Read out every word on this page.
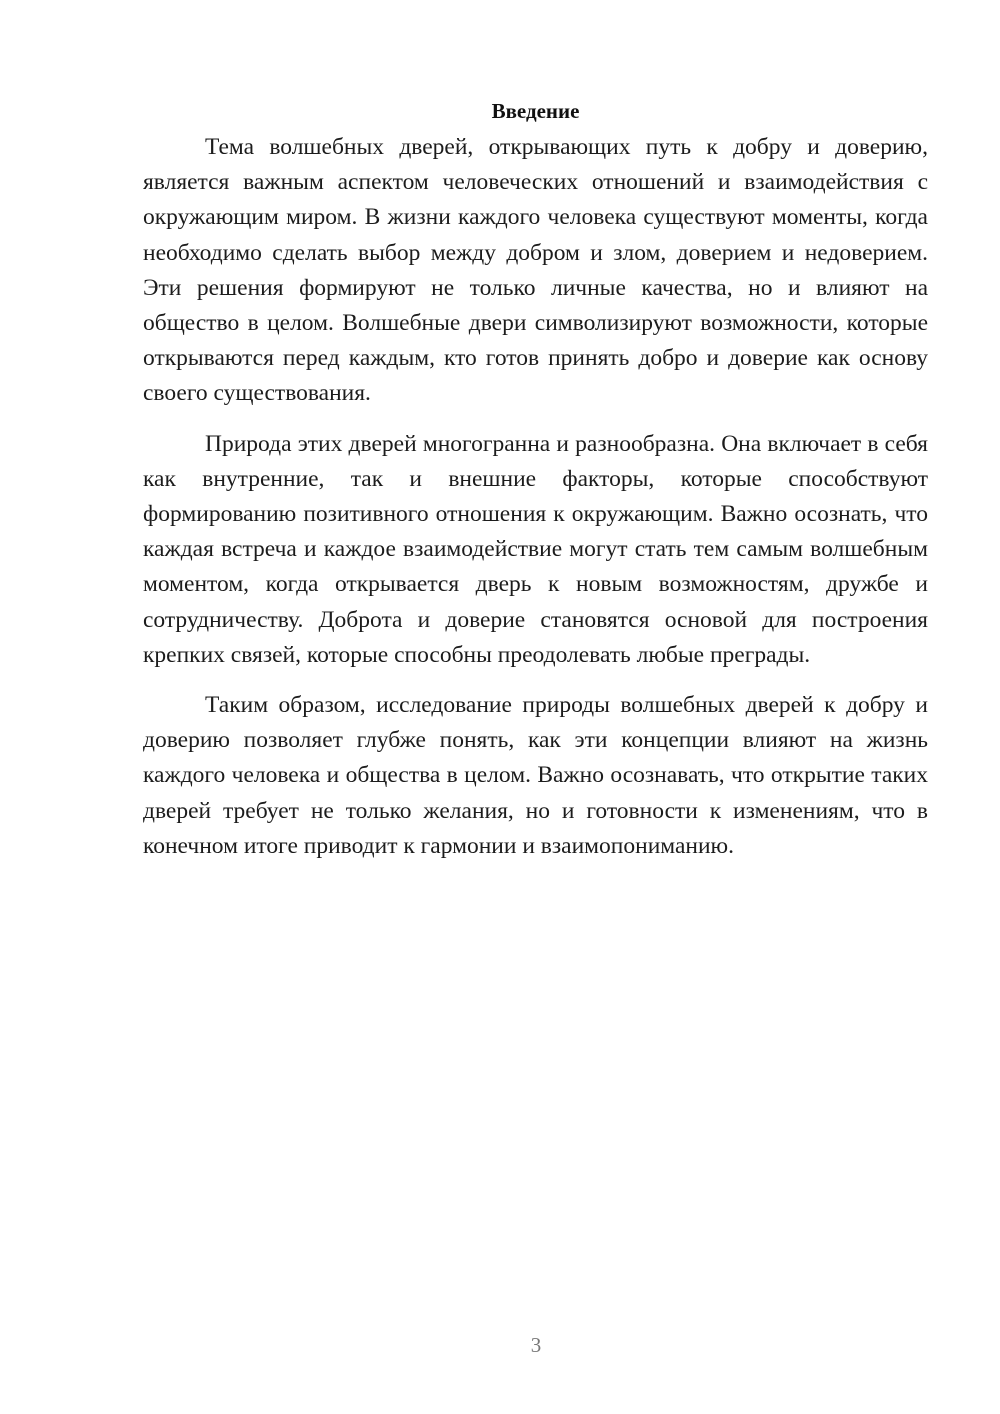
Введение

Тема волшебных дверей, открывающих путь к добру и доверию, является важным аспектом человеческих отношений и взаимодействия с окружающим миром. В жизни каждого человека существуют моменты, когда необходимо сделать выбор между добром и злом, доверием и недоверием. Эти решения формируют не только личные качества, но и влияют на общество в целом. Волшебные двери символизируют возможности, которые открываются перед каждым, кто готов принять добро и доверие как основу своего существования.

Природа этих дверей многогранна и разнообразна. Она включает в себя как внутренние, так и внешние факторы, которые способствуют формированию позитивного отношения к окружающим. Важно осознать, что каждая встреча и каждое взаимодействие могут стать тем самым волшебным моментом, когда открывается дверь к новым возможностям, дружбе и сотрудничеству. Доброта и доверие становятся основой для построения крепких связей, которые способны преодолевать любые преграды.

Таким образом, исследование природы волшебных дверей к добру и доверию позволяет глубже понять, как эти концепции влияют на жизнь каждого человека и общества в целом. Важно осознавать, что открытие таких дверей требует не только желания, но и готовности к изменениям, что в конечном итоге приводит к гармонии и взаимопониманию.

3
